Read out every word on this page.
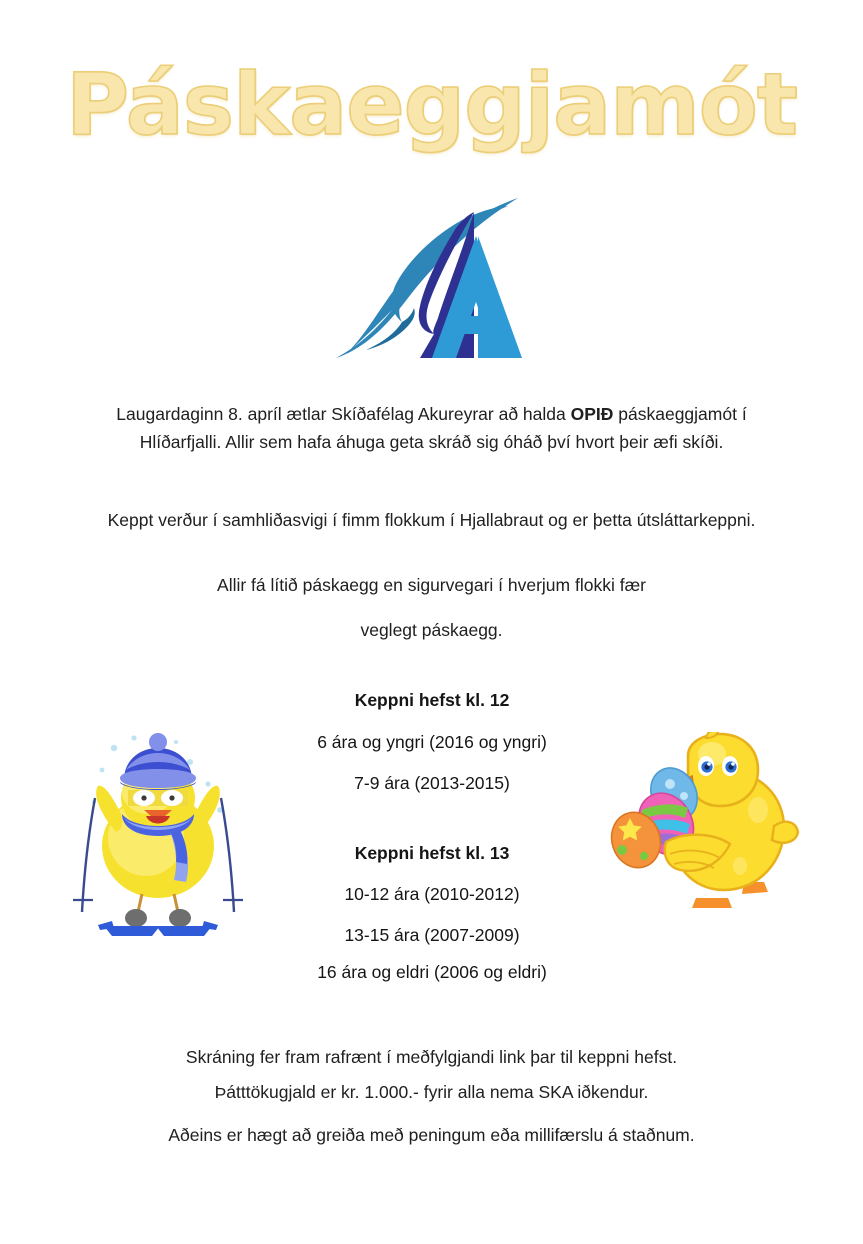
Páskaeggjamót
Laugardaginn 8. apríl ætlar Skíðafélag Akureyrar að halda OPIÐ páskaeggjamót í Hlíðarfjalli. Allir sem hafa áhuga geta skráð sig óháð því hvort þeir æfi skíði.
Keppt verður í samhliðasvigi í fimm flokkum í Hjallabraut og er þetta útsláttarkeppni.
Allir fá lítið páskaegg en sigurvegari í hverjum flokki fær
veglegt páskaegg.
Keppni hefst kl. 12
6 ára og yngri (2016 og yngri)
7-9 ára (2013-2015)
Keppni hefst kl. 13
10-12 ára (2010-2012)
13-15 ára (2007-2009)
16 ára og eldri (2006 og eldri)
Skráning fer fram rafrænt í meðfylgjandi link þar til keppni hefst.
Þátttökugjald er kr. 1.000.- fyrir alla nema SKA iðkendur.
Aðeins er hægt að greiða með peningum eða millifærslu á staðnum.
